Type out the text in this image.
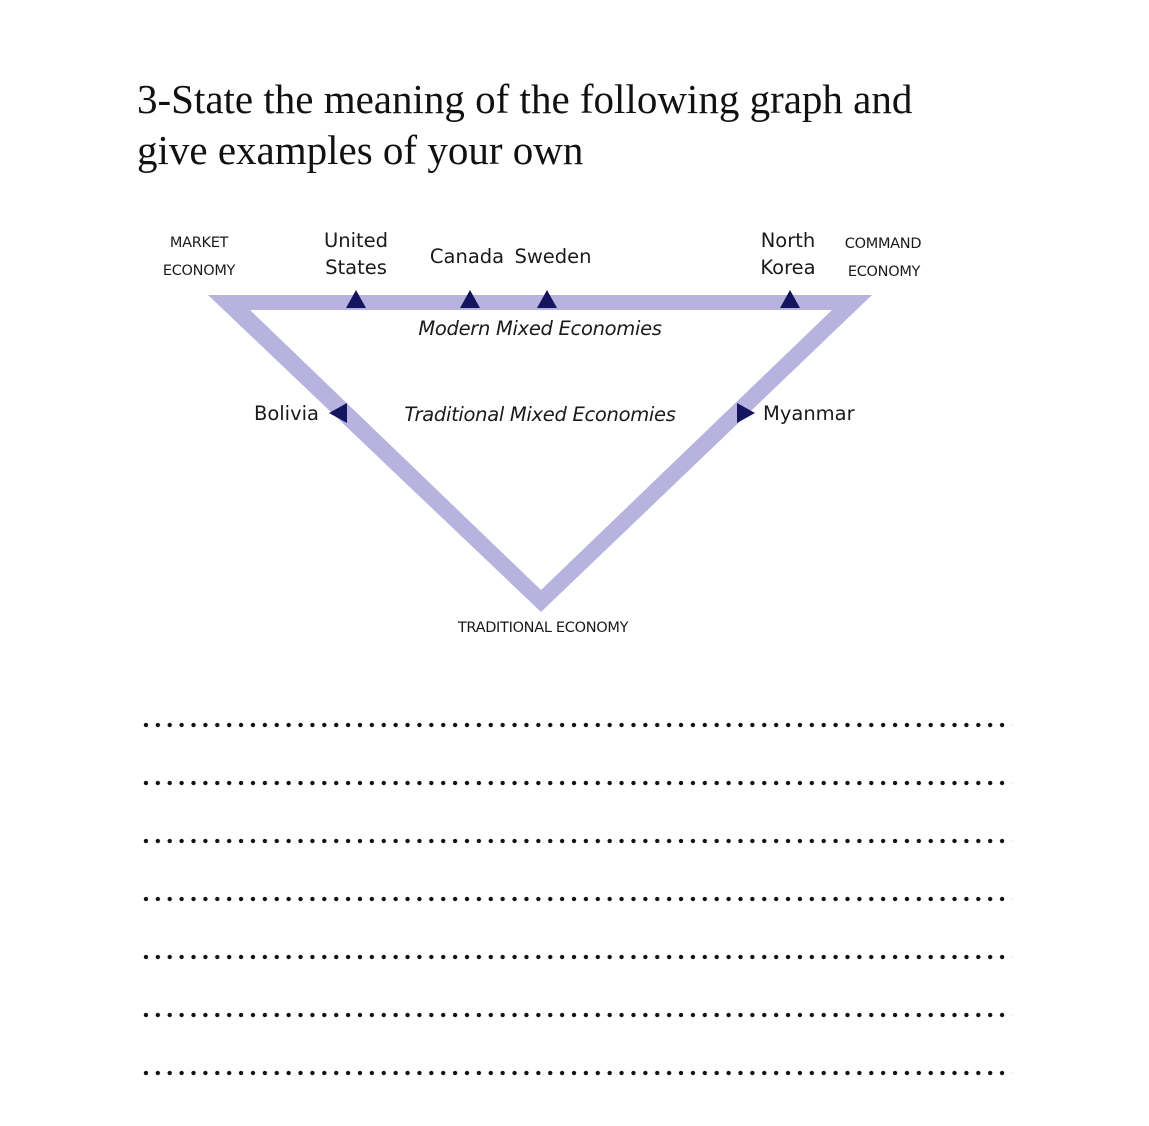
3-State the meaning of the following graph and
give examples of your own
MARKET
ECONOMY
COMMAND
ECONOMY
TRADITIONAL ECONOMY
United
States Canada Sweden
North
Korea
Bolivia	Myanmar
Modern Mixed Economies
Traditional Mixed Economies
